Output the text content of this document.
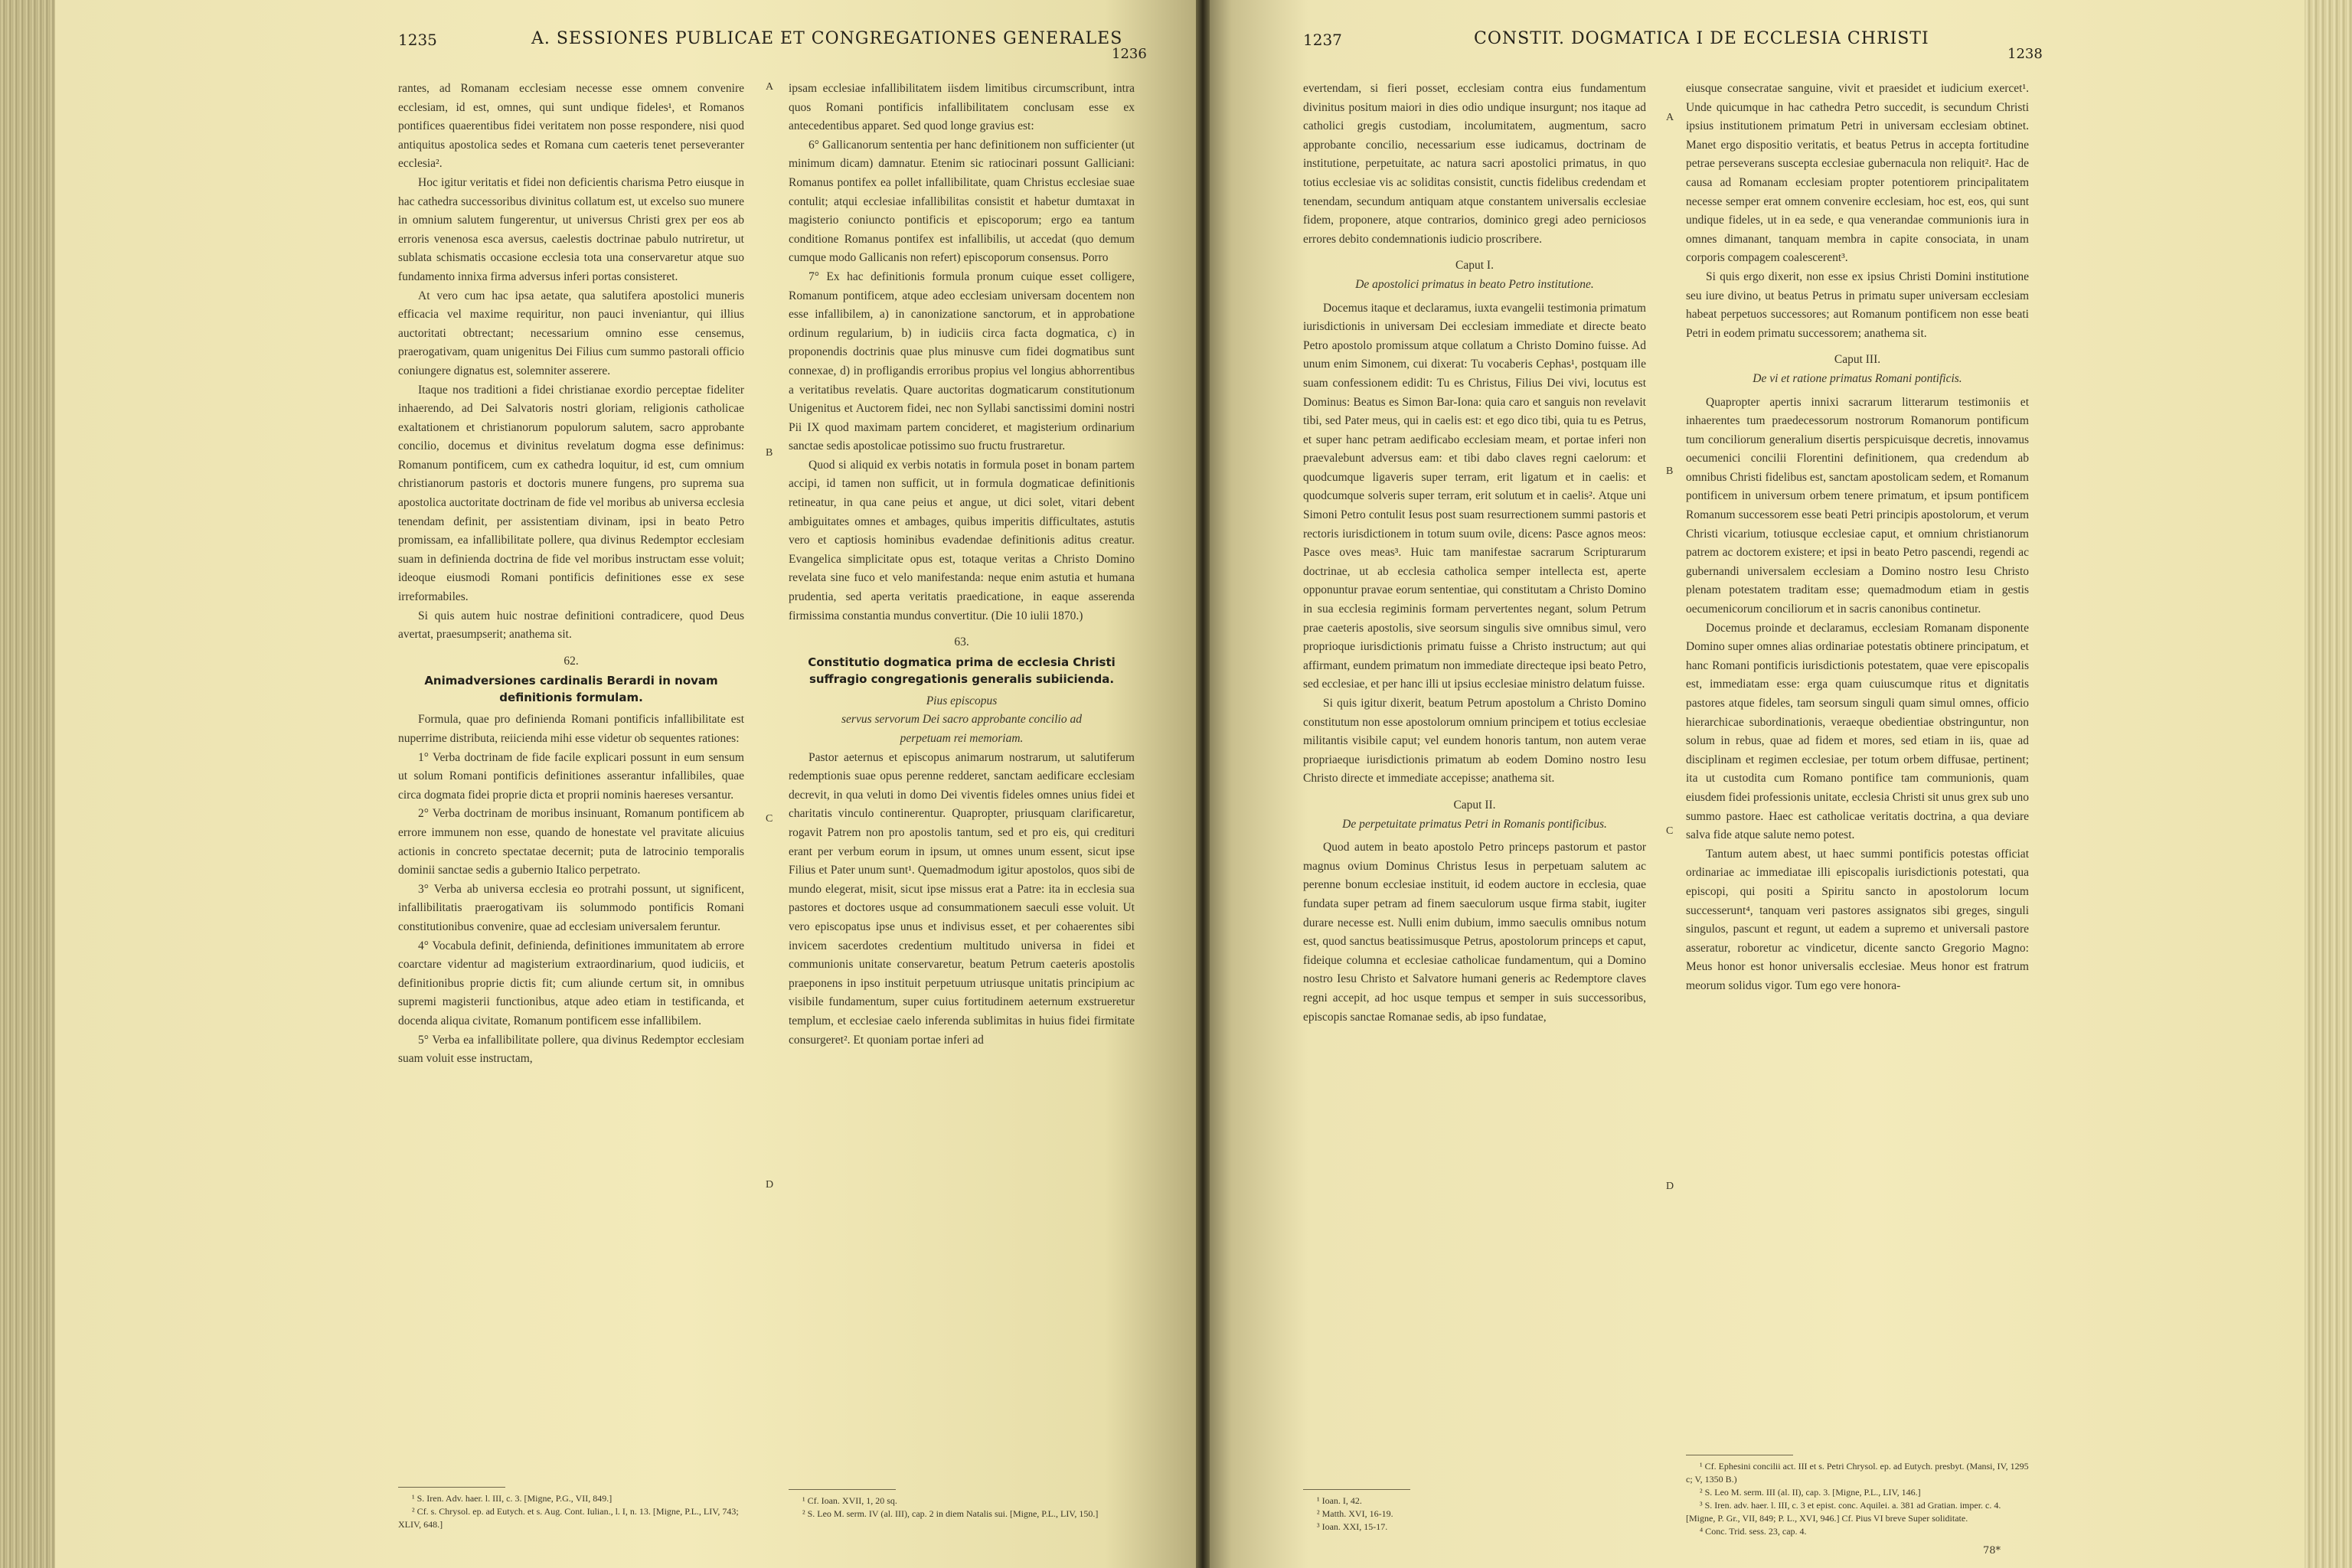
1235	A. SESSIONES PUBLICAE ET CONGREGATIONES GENERALES
1236

rantes, ad Romanam ecclesiam necesse esse omnem convenire ecclesiam, id est, omnes, qui sunt undique fideles¹, et Romanos pontifices quaerentibus fidei veritatem non posse respondere, nisi quod antiquitus apostolica sedes et Romana cum caeteris tenet perseveranter ecclesia².

Hoc igitur veritatis et fidei non deficientis charisma Petro eiusque in hac cathedra successoribus divinitus collatum est, ut excelso suo munere in omnium salutem fungerentur, ut universus Christi grex per eos ab erroris venenosa esca aversus, caelestis doctrinae pabulo nutriretur, ut sublata schismatis occasione ecclesia tota una conservaretur atque suo fundamento innixa firma adversus inferi portas consisteret.

At vero cum hac ipsa aetate, qua salutifera apostolici muneris efficacia vel maxime requiritur, non pauci inveniantur, qui illius auctoritati obtrectant; necessarium omnino esse censemus, praerogativam, quam unigenitus Dei Filius cum summo pastorali officio coniungere dignatus est, solemniter asserere.

Itaque nos traditioni a fidei christianae exordio perceptae fideliter inhaerendo, ad Dei Salvatoris nostri gloriam, religionis catholicae exaltationem et christianorum populorum salutem, sacro approbante concilio, docemus et divinitus revelatum dogma esse definimus: Romanum pontificem, cum ex cathedra loquitur, id est, cum omnium christianorum pastoris et doctoris munere fungens, pro suprema sua apostolica auctoritate doctrinam de fide vel moribus ab universa ecclesia tenendam definit, per assistentiam divinam, ipsi in beato Petro promissam, ea infallibilitate pollere, qua divinus Redemptor ecclesiam suam in definienda doctrina de fide vel moribus instructam esse voluit; ideoque eiusmodi Romani pontificis definitiones esse ex sese irreformabiles.

Si quis autem huic nostrae definitioni contradicere, quod Deus avertat, praesumpserit; anathema sit.

62.
Animadversiones cardinalis Berardi in novam definitionis formulam.

Formula, quae pro definienda Romani pontificis infallibilitate est nuperrime distributa, reiicienda mihi esse videtur ob sequentes rationes:

1° Verba doctrinam de fide facile explicari possunt in eum sensum ut solum Romani pontificis definitiones asserantur infallibiles, quae circa dogmata fidei proprie dicta et proprii nominis haereses versantur.

2° Verba doctrinam de moribus insinuant, Romanum pontificem ab errore immunem non esse, quando de honestate vel pravitate alicuius actionis in concreto spectatae decernit; puta de latrocinio temporalis dominii sanctae sedis a gubernio Italico perpetrato.

3° Verba ab universa ecclesia eo protrahi possunt, ut significent, infallibilitatis praerogativam iis solummodo pontificis Romani constitutionibus convenire, quae ad ecclesiam universalem feruntur.

4° Vocabula definit, definienda, definitiones immunitatem ab errore coarctare videntur ad magisterium extraordinarium, quod iudiciis, et definitionibus proprie dictis fit; cum aliunde certum sit, in omnibus supremi magisterii functionibus, atque adeo etiam in testificanda, et docenda aliqua civitate, Romanum pontificem esse infallibilem.

5° Verba ea infallibilitate pollere, qua divinus Redemptor ecclesiam suam voluit esse instructam,

¹ S. Iren. Adv. haer. l. III, c. 3. [Migne, P.G., VII, 849.]
² Cf. s. Chrysol. ep. ad Eutych. et s. Aug. Cont. Iulian., l. I, n. 13. [Migne, P.L., LIV, 743; XLIV, 648.]
A
B
C
D

ipsam ecclesiae infallibilitatem iisdem limitibus circumscribunt, intra quos Romani pontificis infallibilitatem conclusam esse ex antecedentibus apparet. Sed quod longe gravius est:

6° Gallicanorum sententia per hanc definitionem non sufficienter (ut minimum dicam) damnatur. Etenim sic ratiocinari possunt Galliciani: Romanus pontifex ea pollet infallibilitate, quam Christus ecclesiae suae contulit; atqui ecclesiae infallibilitas consistit et habetur dumtaxat in magisterio coniuncto pontificis et episcoporum; ergo ea tantum conditione Romanus pontifex est infallibilis, ut accedat (quo demum cumque modo Gallicanis non refert) episcoporum consensus. Porro

7° Ex hac definitionis formula pronum cuique esset colligere, Romanum pontificem, atque adeo ecclesiam universam docentem non esse infallibilem, a) in canonizatione sanctorum, et in approbatione ordinum regularium, b) in iudiciis circa facta dogmatica, c) in proponendis doctrinis quae plus minusve cum fidei dogmatibus sunt connexae, d) in profligandis erroribus propius vel longius abhorrentibus a veritatibus revelatis. Quare auctoritas dogmaticarum constitutionum Unigenitus et Auctorem fidei, nec non Syllabi sanctissimi domini nostri Pii IX quod maximam partem concideret, et magisterium ordinarium sanctae sedis apostolicae potissimo suo fructu frustraretur.

Quod si aliquid ex verbis notatis in formula poset in bonam partem accipi, id tamen non sufficit, ut in formula dogmaticae definitionis retineatur, in qua cane peius et angue, ut dici solet, vitari debent ambiguitates omnes et ambages, quibus imperitis difficultates, astutis vero et captiosis hominibus evadendae definitionis aditus creatur. Evangelica simplicitate opus est, totaque veritas a Christo Domino revelata sine fuco et velo manifestanda: neque enim astutia et humana prudentia, sed aperta veritatis praedicatione, in eaque asserenda firmissima constantia mundus convertitur. (Die 10 iulii 1870.)

63.
Constitutio dogmatica prima de ecclesia Christi suffragio congregationis generalis subiicienda.
Pius episcopus
servus servorum Dei sacro approbante concilio ad perpetuam rei memoriam.

Pastor aeternus et episcopus animarum nostrarum, ut salutiferum redemptionis suae opus perenne redderet, sanctam aedificare ecclesiam decrevit, in qua veluti in domo Dei viventis fideles omnes unius fidei et charitatis vinculo continerentur. Quapropter, priusquam clarificaretur, rogavit Patrem non pro apostolis tantum, sed et pro eis, qui credituri erant per verbum eorum in ipsum, ut omnes unum essent, sicut ipse Filius et Pater unum sunt¹. Quemadmodum igitur apostolos, quos sibi de mundo elegerat, misit, sicut ipse missus erat a Patre: ita in ecclesia sua pastores et doctores usque ad consummationem saeculi esse voluit. Ut vero episcopatus ipse unus et indivisus esset, et per cohaerentes sibi invicem sacerdotes credentium multitudo universa in fidei et communionis unitate conservaretur, beatum Petrum caeteris apostolis praeponens in ipso instituit perpetuum utriusque unitatis principium ac visibile fundamentum, super cuius fortitudinem aeternum exstrueretur templum, et ecclesiae caelo inferenda sublimitas in huius fidei firmitate consurgeret². Et quoniam portae inferi ad

¹ Cf. Ioan. XVII, 1, 20 sq.
² S. Leo M. serm. IV (al. III), cap. 2 in diem Natalis sui. [Migne, P.L., LIV, 150.]
1237	CONSTIT. DOGMATICA I DE ECCLESIA CHRISTI
1238

evertendam, si fieri posset, ecclesiam contra eius fundamentum divinitus positum maiori in dies odio undique insurgunt; nos itaque ad catholici gregis custodiam, incolumitatem, augmentum, sacro approbante concilio, necessarium esse iudicamus, doctrinam de institutione, perpetuitate, ac natura sacri apostolici primatus, in quo totius ecclesiae vis ac soliditas consistit, cunctis fidelibus credendam et tenendam, secundum antiquam atque constantem universalis ecclesiae fidem, proponere, atque contrarios, dominico gregi adeo perniciosos errores debito condemnationis iudicio proscribere.

Caput I.
De apostolici primatus in beato Petro institutione.

Docemus itaque et declaramus, iuxta evangelii testimonia primatum iurisdictionis in universam Dei ecclesiam immediate et directe beato Petro apostolo promissum atque collatum a Christo Domino fuisse. Ad unum enim Simonem, cui dixerat: Tu vocaberis Cephas¹, postquam ille suam confessionem edidit: Tu es Christus, Filius Dei vivi, locutus est Dominus: Beatus es Simon Bar-Iona: quia caro et sanguis non revelavit tibi, sed Pater meus, qui in caelis est: et ego dico tibi, quia tu es Petrus, et super hanc petram aedificabo ecclesiam meam, et portae inferi non praevalebunt adversus eam: et tibi dabo claves regni caelorum: et quodcumque ligaveris super terram, erit ligatum et in caelis: et quodcumque solveris super terram, erit solutum et in caelis². Atque uni Simoni Petro contulit Iesus post suam resurrectionem summi pastoris et rectoris iurisdictionem in totum suum ovile, dicens: Pasce agnos meos: Pasce oves meas³. Huic tam manifestae sacrarum Scripturarum doctrinae, ut ab ecclesia catholica semper intellecta est, aperte opponuntur pravae eorum sententiae, qui constitutam a Christo Domino in sua ecclesia regiminis formam pervertentes negant, solum Petrum prae caeteris apostolis, sive seorsum singulis sive omnibus simul, vero proprioque iurisdictionis primatu fuisse a Christo instructum; aut qui affirmant, eundem primatum non immediate directeque ipsi beato Petro, sed ecclesiae, et per hanc illi ut ipsius ecclesiae ministro delatum fuisse.

Si quis igitur dixerit, beatum Petrum apostolum a Christo Domino constitutum non esse apostolorum omnium principem et totius ecclesiae militantis visibile caput; vel eundem honoris tantum, non autem verae propriaeque iurisdictionis primatum ab eodem Domino nostro Iesu Christo directe et immediate accepisse; anathema sit.

Caput II.
De perpetuitate primatus Petri in Romanis pontificibus.

Quod autem in beato apostolo Petro princeps pastorum et pastor magnus ovium Dominus Christus Iesus in perpetuam salutem ac perenne bonum ecclesiae instituit, id eodem auctore in ecclesia, quae fundata super petram ad finem saeculorum usque firma stabit, iugiter durare necesse est. Nulli enim dubium, immo saeculis omnibus notum est, quod sanctus beatissimusque Petrus, apostolorum princeps et caput, fideique columna et ecclesiae catholicae fundamentum, qui a Domino nostro Iesu Christo et Salvatore humani generis ac Redemptore claves regni accepit, ad hoc usque tempus et semper in suis successoribus, episcopis sanctae Romanae sedis, ab ipso fundatae,

¹ Ioan. I, 42.
² Matth. XVI, 16-19.
³ Ioan. XXI, 15-17.
A
B
C
D

eiusque consecratae sanguine, vivit et praesidet et iudicium exercet¹. Unde quicumque in hac cathedra Petro succedit, is secundum Christi ipsius institutionem primatum Petri in universam ecclesiam obtinet. Manet ergo dispositio veritatis, et beatus Petrus in accepta fortitudine petrae perseverans suscepta ecclesiae gubernacula non reliquit². Hac de causa ad Romanam ecclesiam propter potentiorem principalitatem necesse semper erat omnem convenire ecclesiam, hoc est, eos, qui sunt undique fideles, ut in ea sede, e qua venerandae communionis iura in omnes dimanant, tanquam membra in capite consociata, in unam corporis compagem coalescerent³.

Si quis ergo dixerit, non esse ex ipsius Christi Domini institutione seu iure divino, ut beatus Petrus in primatu super universam ecclesiam habeat perpetuos successores; aut Romanum pontificem non esse beati Petri in eodem primatu successorem; anathema sit.

Caput III.
De vi et ratione primatus Romani pontificis.

Quapropter apertis innixi sacrarum litterarum testimoniis et inhaerentes tum praedecessorum nostrorum Romanorum pontificum tum conciliorum generalium disertis perspicuisque decretis, innovamus oecumenici concilii Florentini definitionem, qua credendum ab omnibus Christi fidelibus est, sanctam apostolicam sedem, et Romanum pontificem in universum orbem tenere primatum, et ipsum pontificem Romanum successorem esse beati Petri principis apostolorum, et verum Christi vicarium, totiusque ecclesiae caput, et omnium christianorum patrem ac doctorem existere; et ipsi in beato Petro pascendi, regendi ac gubernandi universalem ecclesiam a Domino nostro Iesu Christo plenam potestatem traditam esse; quemadmodum etiam in gestis oecumenicorum conciliorum et in sacris canonibus continetur.

Docemus proinde et declaramus, ecclesiam Romanam disponente Domino super omnes alias ordinariae potestatis obtinere principatum, et hanc Romani pontificis iurisdictionis potestatem, quae vere episcopalis est, immediatam esse: erga quam cuiuscumque ritus et dignitatis pastores atque fideles, tam seorsum singuli quam simul omnes, officio hierarchicae subordinationis, veraeque obedientiae obstringuntur, non solum in rebus, quae ad fidem et mores, sed etiam in iis, quae ad disciplinam et regimen ecclesiae, per totum orbem diffusae, pertinent; ita ut custodita cum Romano pontifice tam communionis, quam eiusdem fidei professionis unitate, ecclesia Christi sit unus grex sub uno summo pastore. Haec est catholicae veritatis doctrina, a qua deviare salva fide atque salute nemo potest.

Tantum autem abest, ut haec summi pontificis potestas officiat ordinariae ac immediatae illi episcopalis iurisdictionis potestati, qua episcopi, qui positi a Spiritu sancto in apostolorum locum successerunt⁴, tanquam veri pastores assignatos sibi greges, singuli singulos, pascunt et regunt, ut eadem a supremo et universali pastore asseratur, roboretur ac vindicetur, dicente sancto Gregorio Magno: Meus honor est honor universalis ecclesiae. Meus honor est fratrum meorum solidus vigor. Tum ego vere honora-

¹ Cf. Ephesini concilii act. III et s. Petri Chrysol. ep. ad Eutych. presbyt. (Mansi, IV, 1295 c; V, 1350 B.)
² S. Leo M. serm. III (al. II), cap. 3. [Migne, P.L., LIV, 146.]
³ S. Iren. adv. haer. l. III, c. 3 et epist. conc. Aquilei. a. 381 ad Gratian. imper. c. 4. [Migne, P. Gr., VII, 849; P. L., XVI, 946.] Cf. Pius VI breve Super soliditate.
⁴ Conc. Trid. sess. 23, cap. 4.
78*
